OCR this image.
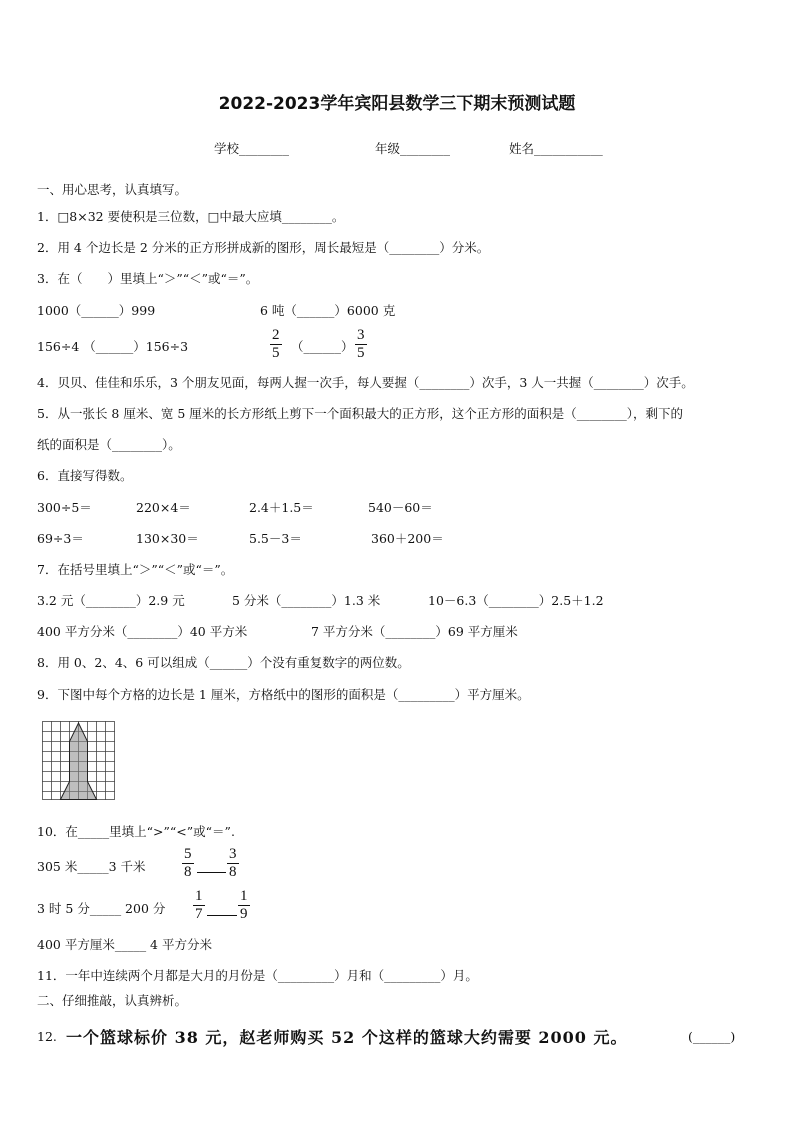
2022-2023学年宾阳县数学三下期末预测试题
学校________	年级________	姓名___________
一、用心思考，认真填写。
1．□8×32 要使积是三位数，□中最大应填________。
2．用 4 个边长是 2 分米的正方形拼成新的图形，周长最短是（________）分米。
3．在（　　）里填上“＞”“＜”或“＝”。
1000（______）999	6 吨（______）6000 克
156÷4 （______）156÷3	$\frac{2}{5}$ （______） $\frac{3}{5}$
4．贝贝、佳佳和乐乐，3 个朋友见面，每两人握一次手，每人要握（________）次手，3 人一共握（________）次手。
5．从一张长 8 厘米、宽 5 厘米的长方形纸上剪下一个面积最大的正方形，这个正方形的面积是（________），剩下的
纸的面积是（________）。
6．直接写得数。
300÷5＝	220×4＝	2.4＋1.5＝	540－60＝
69÷3＝	130×30＝	5.5－3＝	360＋200＝
7．在括号里填上“＞”“＜”或“＝”。
3.2 元（________）2.9 元	5 分米（________）1.3 米	10－6.3（________）2.5＋1.2
400 平方分米（________）40 平方米	7 平方分米（________）69 平方厘米
8．用 0、2、4、6 可以组成（______）个没有重复数字的两位数。
9．下图中每个方格的边长是 1 厘米，方格纸中的图形的面积是（_________）平方厘米。
10．在_____里填上“>”“<”或“＝”.
305 米_____3 千米 $\frac{5}{8} \frac{3}{8}$
3 时 5 分_____ 200 分 $\frac{1}{7} \frac{1}{9}$
400 平方厘米_____ 4 平方分米
11．一年中连续两个月都是大月的月份是（_________）月和（_________）月。
二、仔细推敲，认真辨析。
12. 一个篮球标价 38 元，赵老师购买 52 个这样的篮球大约需要 2000 元。	(______)
